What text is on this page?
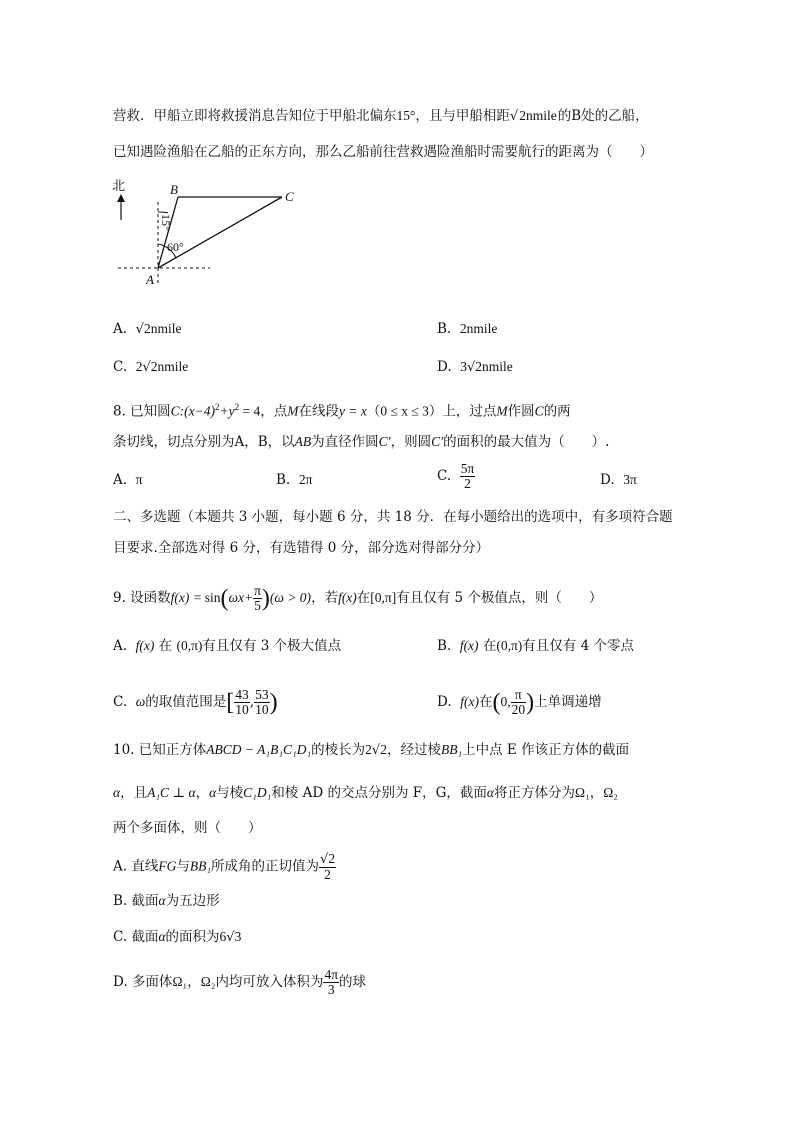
营救．甲船立即将救援消息告知位于甲船北偏东15°，且与甲船相距√2nmile的B处的乙船，
已知遇险渔船在乙船的正东方向，那么乙船前往营救遇险渔船时需要航行的距离为（　　）
北	B	C
A
15°
60°
A. √2nmile	B. 2nmile
C. 2√2nmile	D. 3√2nmile
8. 已知圆$C:(x-4)^2+y^2 = 4$，点M在线段y = x（0 ≤ x ≤ 3）上，过点M作圆C的两
条切线，切点分别为A，B，以AB为直径作圆C′，则圆C′的面积的最大值为（　　）.
A. π	B. 2π	C. $\frac{5\pi}{2}$	D. 3π
二、多选题（本题共 3 小题，每小题 6 分，共 18 分．在每小题给出的选项中，有多项符合题
目要求.全部选对得 6 分，有选错得 0 分，部分选对得部分分）
9. 设函数$f(x) = \sin(\omega x+ \frac{\pi}{5} )(\omega > 0)$，若f(x)在[0,π]有且仅有 5 个极值点，则（　　）
A. f(x) 在 (0,π)有且仅有 3 个极大值点	B. f(x) 在(0,π)有且仅有 4 个零点
C. ω的取值范围是[ $\frac{43}{10}$ , $\frac{53}{10}$ )	D. f(x)在(0, $\frac{\pi}{20}$ )上单调递增
10. 已知正方体ABCD − A₁B₁C₁D₁的棱长为2√2，经过棱BB₁上中点 E 作该正方体的截面
α，且A₁C ⊥ α，α与棱C₁D₁和棱 AD 的交点分别为 F，G，截面α将正方体分为Ω₁，Ω₂
两个多面体，则（　　）
A. 直线FG与BB₁所成角的正切值为 $\frac{√2}{2}$
B. 截面α为五边形
C. 截面α的面积为6√3
D. 多面体Ω₁，Ω₂内均可放入体积为 $\frac{4\pi}{3}$ 的球
